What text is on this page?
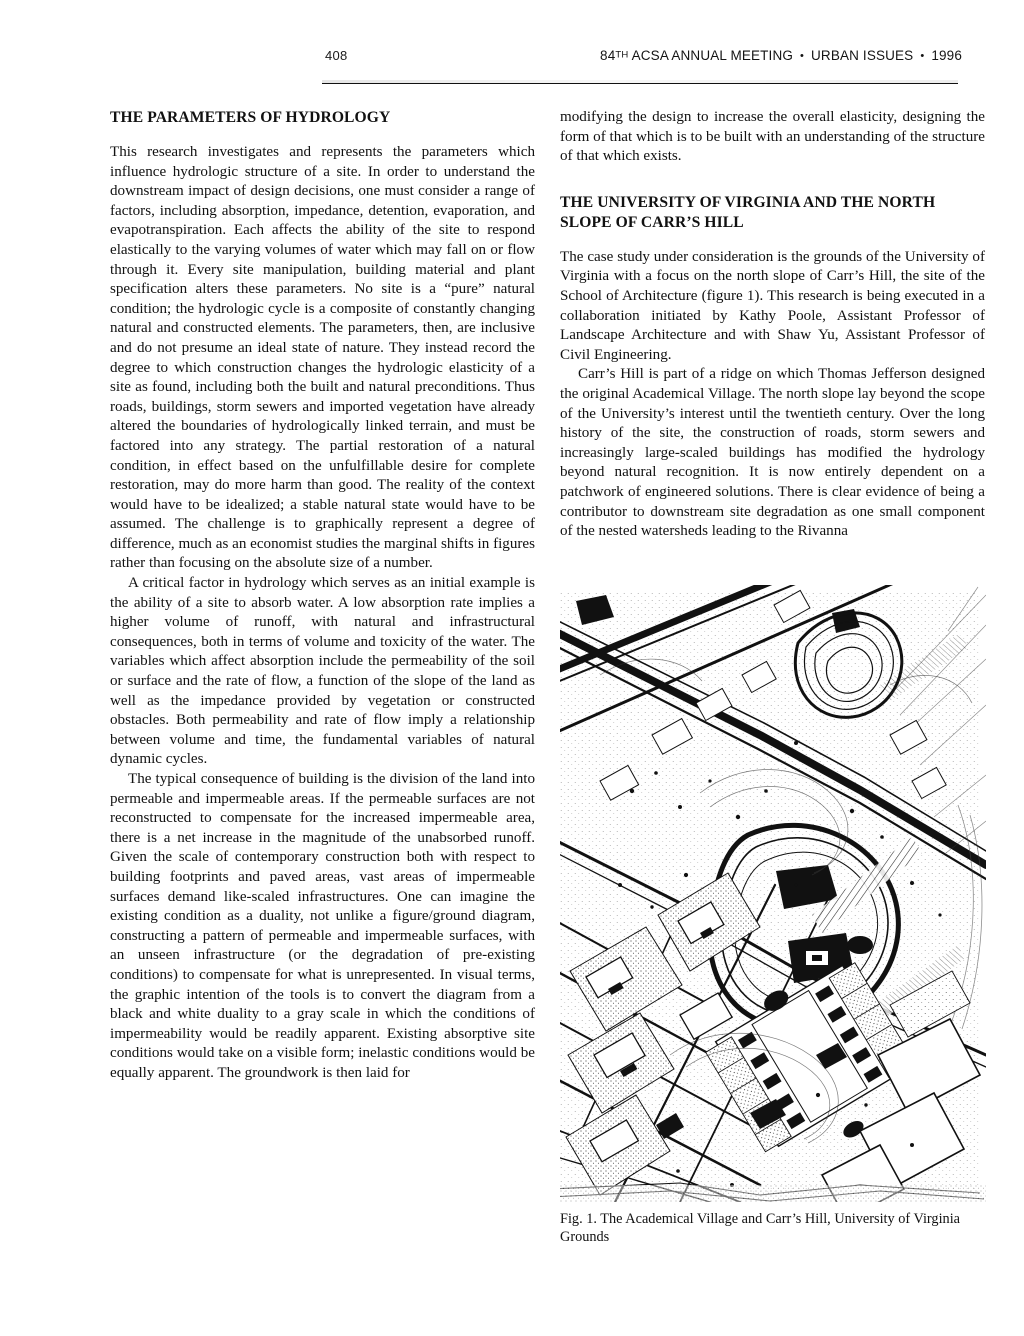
408	84TH ACSA ANNUAL MEETING • URBAN ISSUES • 1996
THE PARAMETERS OF HYDROLOGY

This research investigates and represents the parameters which influence hydrologic structure of a site. In order to understand the downstream impact of design decisions, one must consider a range of factors, including absorption, impedance, detention, evaporation, and evapotranspiration. Each affects the ability of the site to respond elastically to the varying volumes of water which may fall on or flow through it. Every site manipulation, building material and plant specification alters these parameters. No site is a “pure” natural condition; the hydrologic cycle is a composite of constantly changing natural and constructed elements. The parameters, then, are inclusive and do not presume an ideal state of nature. They instead record the degree to which construction changes the hydrologic elasticity of a site as found, including both the built and natural preconditions. Thus roads, buildings, storm sewers and imported vegetation have already altered the boundaries of hydrologically linked terrain, and must be factored into any strategy. The partial restoration of a natural condition, in effect based on the unfulfillable desire for complete restoration, may do more harm than good. The reality of the context would have to be idealized; a stable natural state would have to be assumed. The challenge is to graphically represent a degree of difference, much as an economist studies the marginal shifts in figures rather than focusing on the absolute size of a number.

A critical factor in hydrology which serves as an initial example is the ability of a site to absorb water. A low absorption rate implies a higher volume of runoff, with natural and infrastructural consequences, both in terms of volume and toxicity of the water. The variables which affect absorption include the permeability of the soil or surface and the rate of flow, a function of the slope of the land as well as the impedance provided by vegetation or constructed obstacles. Both permeability and rate of flow imply a relationship between volume and time, the fundamental variables of natural dynamic cycles.

The typical consequence of building is the division of the land into permeable and impermeable areas. If the permeable surfaces are not reconstructed to compensate for the increased impermeable area, there is a net increase in the magnitude of the unabsorbed runoff. Given the scale of contemporary construction both with respect to building footprints and paved areas, vast areas of impermeable surfaces demand like-scaled infrastructures. One can imagine the existing condition as a duality, not unlike a figure/ground diagram, constructing a pattern of permeable and impermeable surfaces, with an unseen infrastructure (or the degradation of pre-existing conditions) to compensate for what is unrepresented. In visual terms, the graphic intention of the tools is to convert the diagram from a black and white duality to a gray scale in which the conditions of impermeability would be readily apparent. Existing absorptive site conditions would take on a visible form; inelastic conditions would be equally apparent. The groundwork is then laid for

modifying the design to increase the overall elasticity, designing the form of that which is to be built with an understanding of the structure of that which exists.

THE UNIVERSITY OF VIRGINIA AND THE NORTH SLOPE OF CARR’S HILL

The case study under consideration is the grounds of the University of Virginia with a focus on the north slope of Carr’s Hill, the site of the School of Architecture (figure 1). This research is being executed in a collaboration initiated by Kathy Poole, Assistant Professor of Landscape Architecture and with Shaw Yu, Assistant Professor of Civil Engineering.

Carr’s Hill is part of a ridge on which Thomas Jefferson designed the original Academical Village. The north slope lay beyond the scope of the University’s interest until the twentieth century. Over the long history of the site, the construction of roads, storm sewers and increasingly large-scaled buildings has modified the hydrology beyond natural recognition. It is now entirely dependent on a patchwork of engineered solutions. There is clear evidence of being a contributor to downstream site degradation as one small component of the nested watersheds leading to the Rivanna

Fig. 1. The Academical Village and Carr’s Hill, University of Virginia Grounds
